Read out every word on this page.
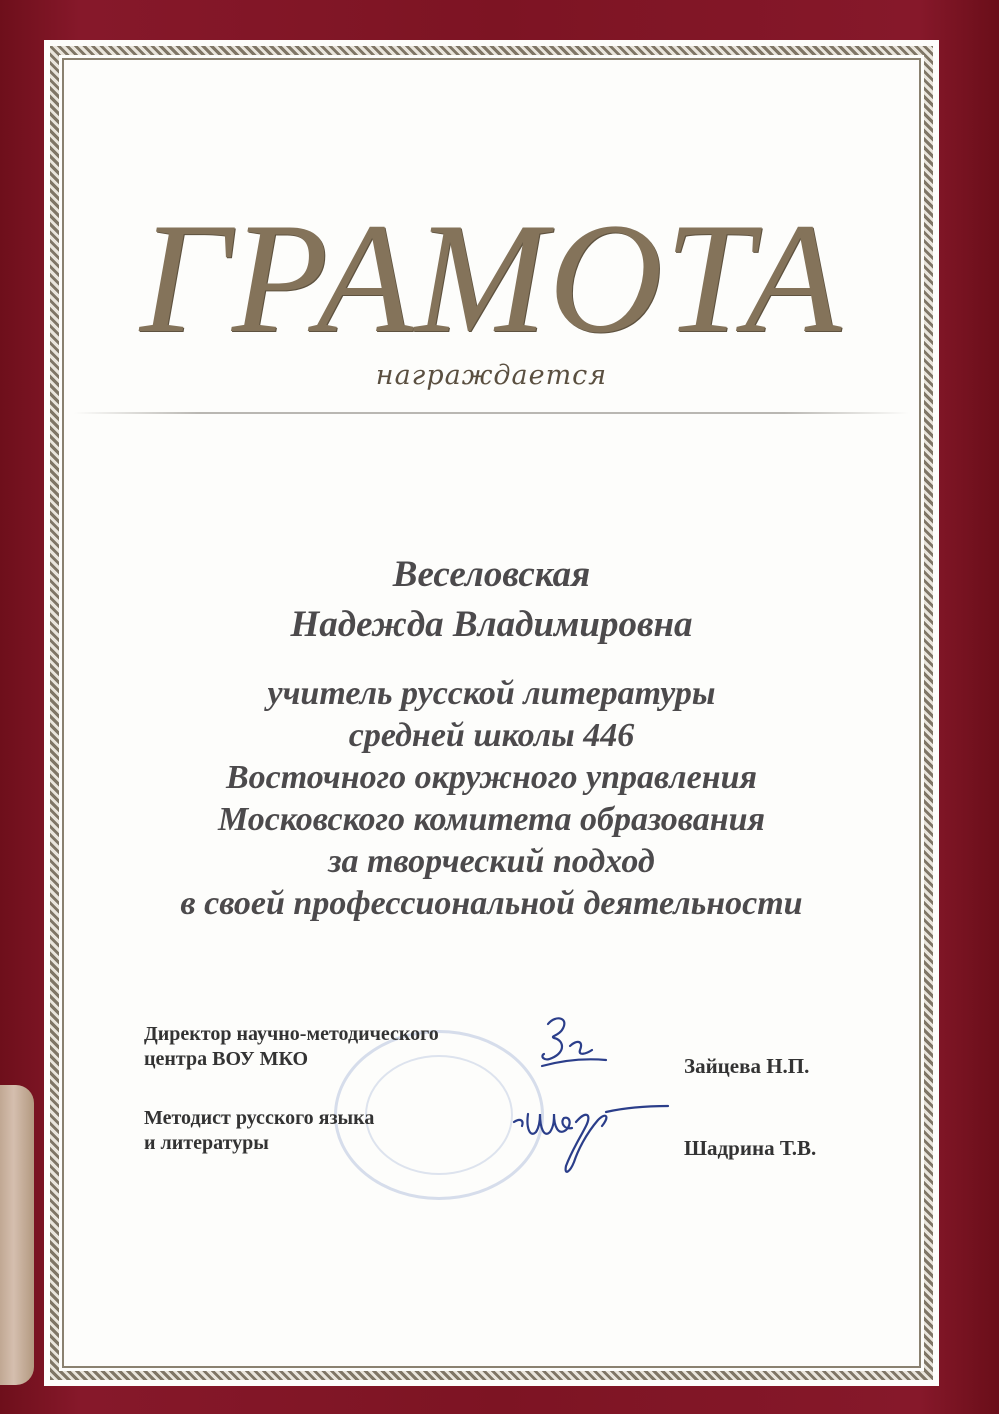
ГРАМОТА
награждается
Веселовская
Надежда Владимировна
учитель русской литературы
средней школы 446
Восточного окружного управления
Московского комитета образования
за творческий подход
в своей профессиональной деятельности
Директор научно-методического
центра ВОУ МКО	Зайцева Н.П.
Методист русского языка
и литературы	Шадрина Т.В.
